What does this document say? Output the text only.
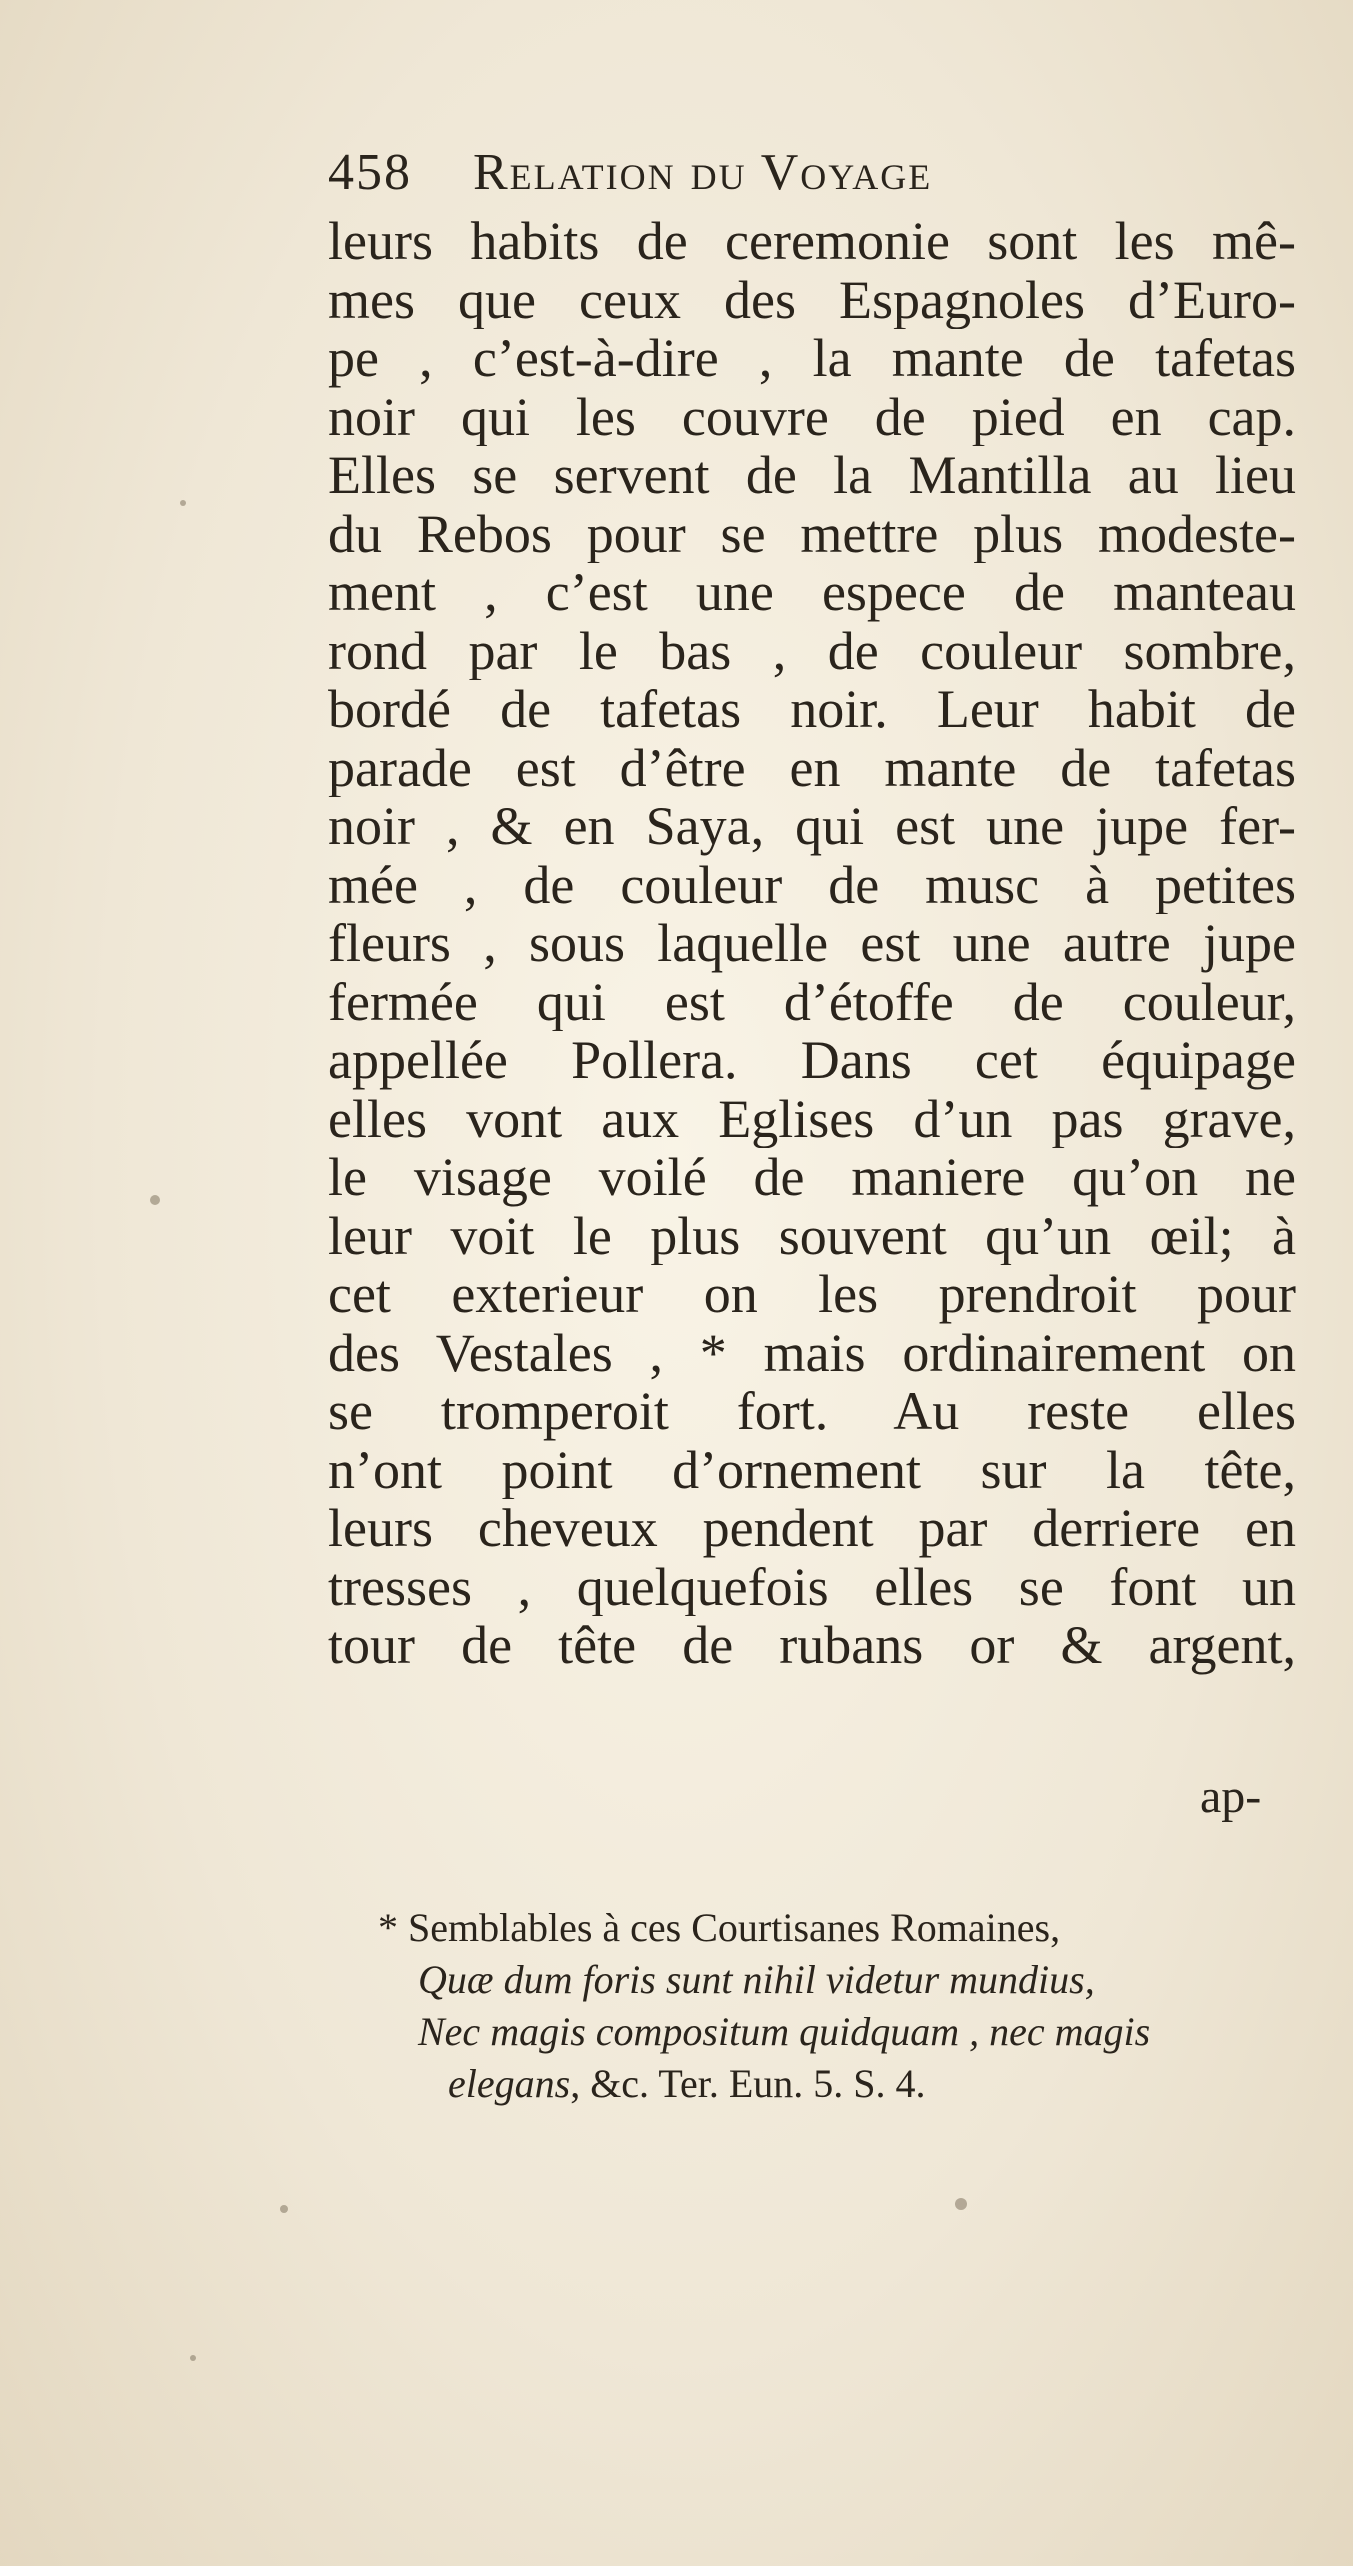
458 Relation du Voyage
leurs habits de ceremonie sont les mê-
mes que ceux des Espagnoles d’Euro-
pe , c’est-à-dire , la mante de tafetas
noir qui les couvre de pied en cap.
Elles se servent de la Mantilla au lieu
du Rebos pour se mettre plus modeste-
ment , c’est une espece de manteau
rond par le bas , de couleur sombre,
bordé de tafetas noir. Leur habit de
parade est d’être en mante de tafetas
noir , & en Saya, qui est une jupe fer-
mée , de couleur de musc à petites
fleurs , sous laquelle est une autre jupe
fermée qui est d’étoffe de couleur,
appellée Pollera. Dans cet équipage
elles vont aux Eglises d’un pas grave,
le visage voilé de maniere qu’on ne
leur voit le plus souvent qu’un œil; à
cet exterieur on les prendroit pour
des Vestales , * mais ordinairement on
se tromperoit fort. Au reste elles
n’ont point d’ornement sur la tête,
leurs cheveux pendent par derriere en
tresses , quelquefois elles se font un
tour de tête de rubans or & argent,
ap-
* Semblables à ces Courtisanes Romaines,
Quæ dum foris sunt nihil videtur mundius,
Nec magis compositum quidquam , nec magis
elegans, &c. Ter. Eun. 5. S. 4.
